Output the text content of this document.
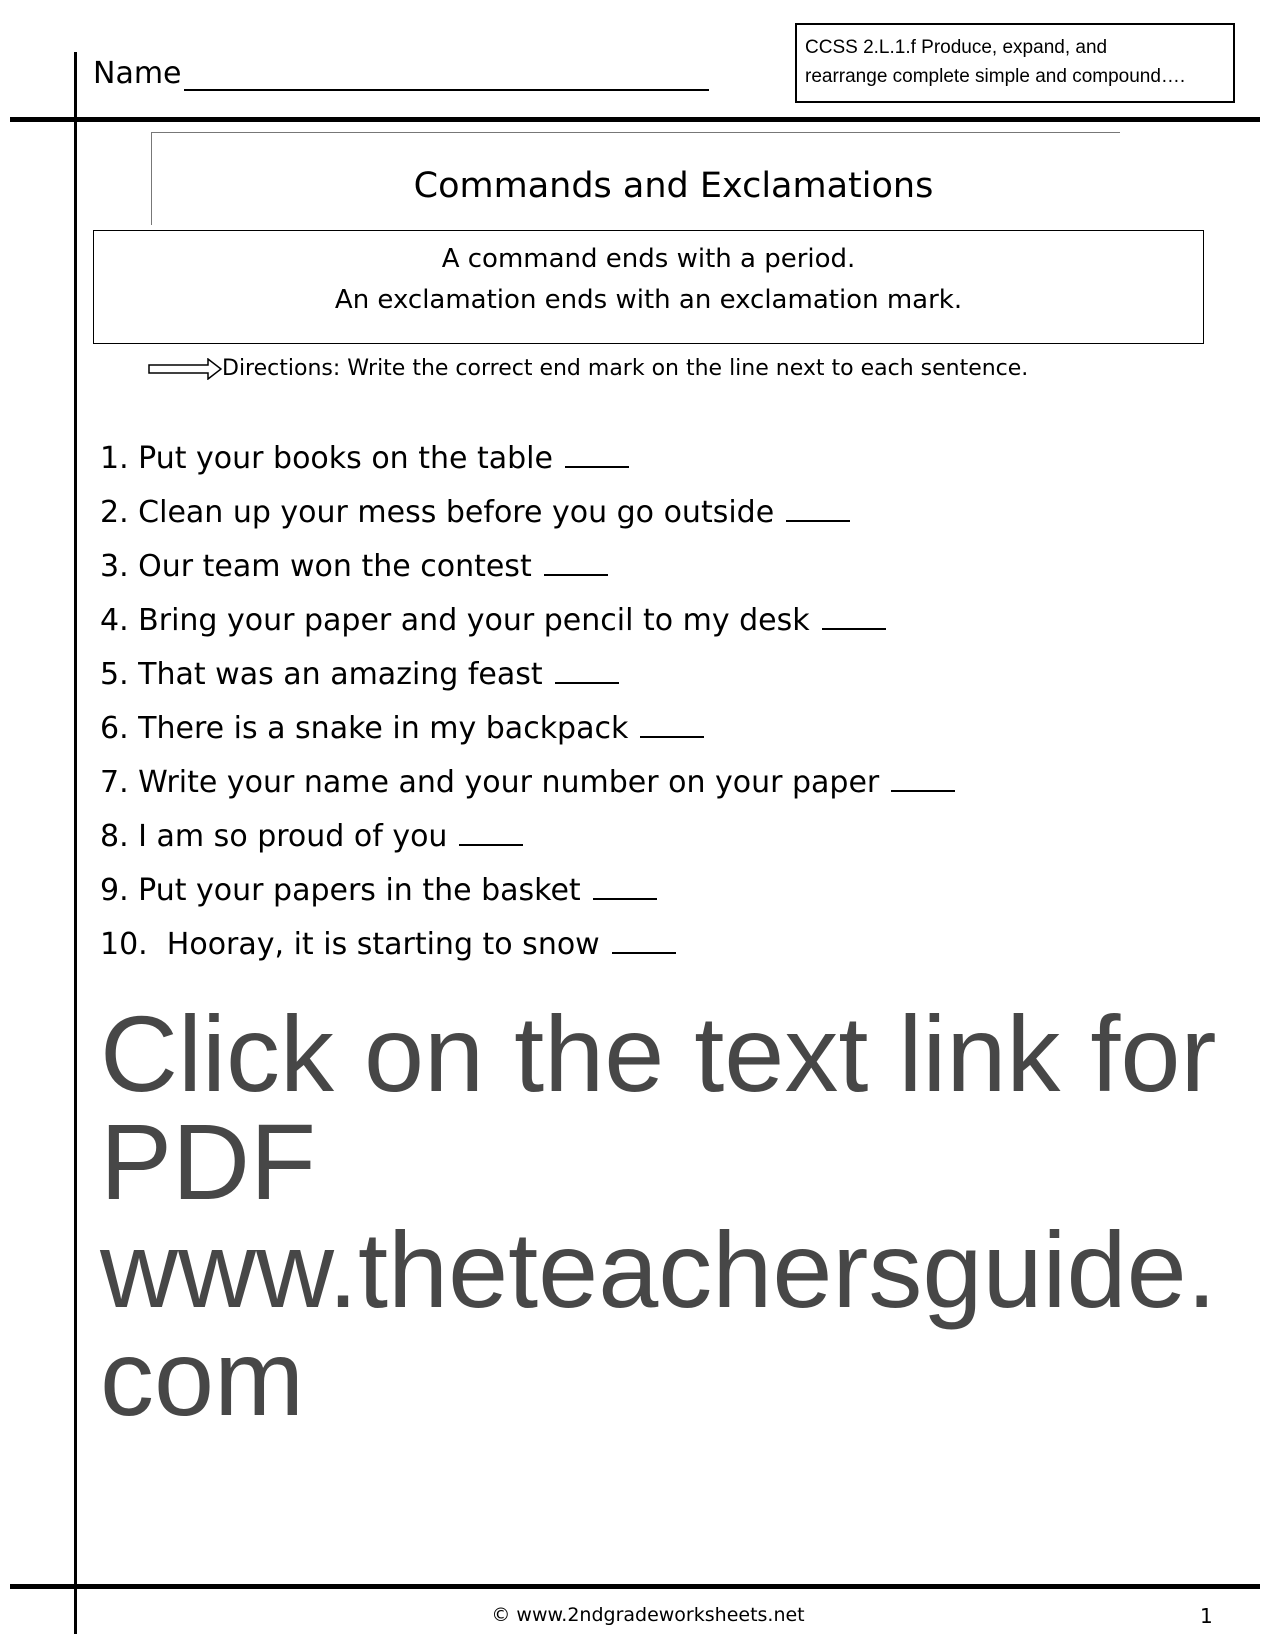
Name
CCSS 2.L.1.f Produce, expand, and
rearrange complete simple and compound….
Commands and Exclamations
A command ends with a period.
An exclamation ends with an exclamation mark.
Directions: Write the correct end mark on the line next to each sentence.
1. Put your books on the table
2. Clean up your mess before you go outside
3. Our team won the contest
4. Bring your paper and your pencil to my desk
5. That was an amazing feast
6. There is a snake in my backpack
7. Write your name and your number on your paper
8. I am so proud of you
9. Put your papers in the basket
10.  Hooray, it is starting to snow
Click on the text link for PDF
www.theteachersguide.com
© www.2ndgradeworksheets.net	1
